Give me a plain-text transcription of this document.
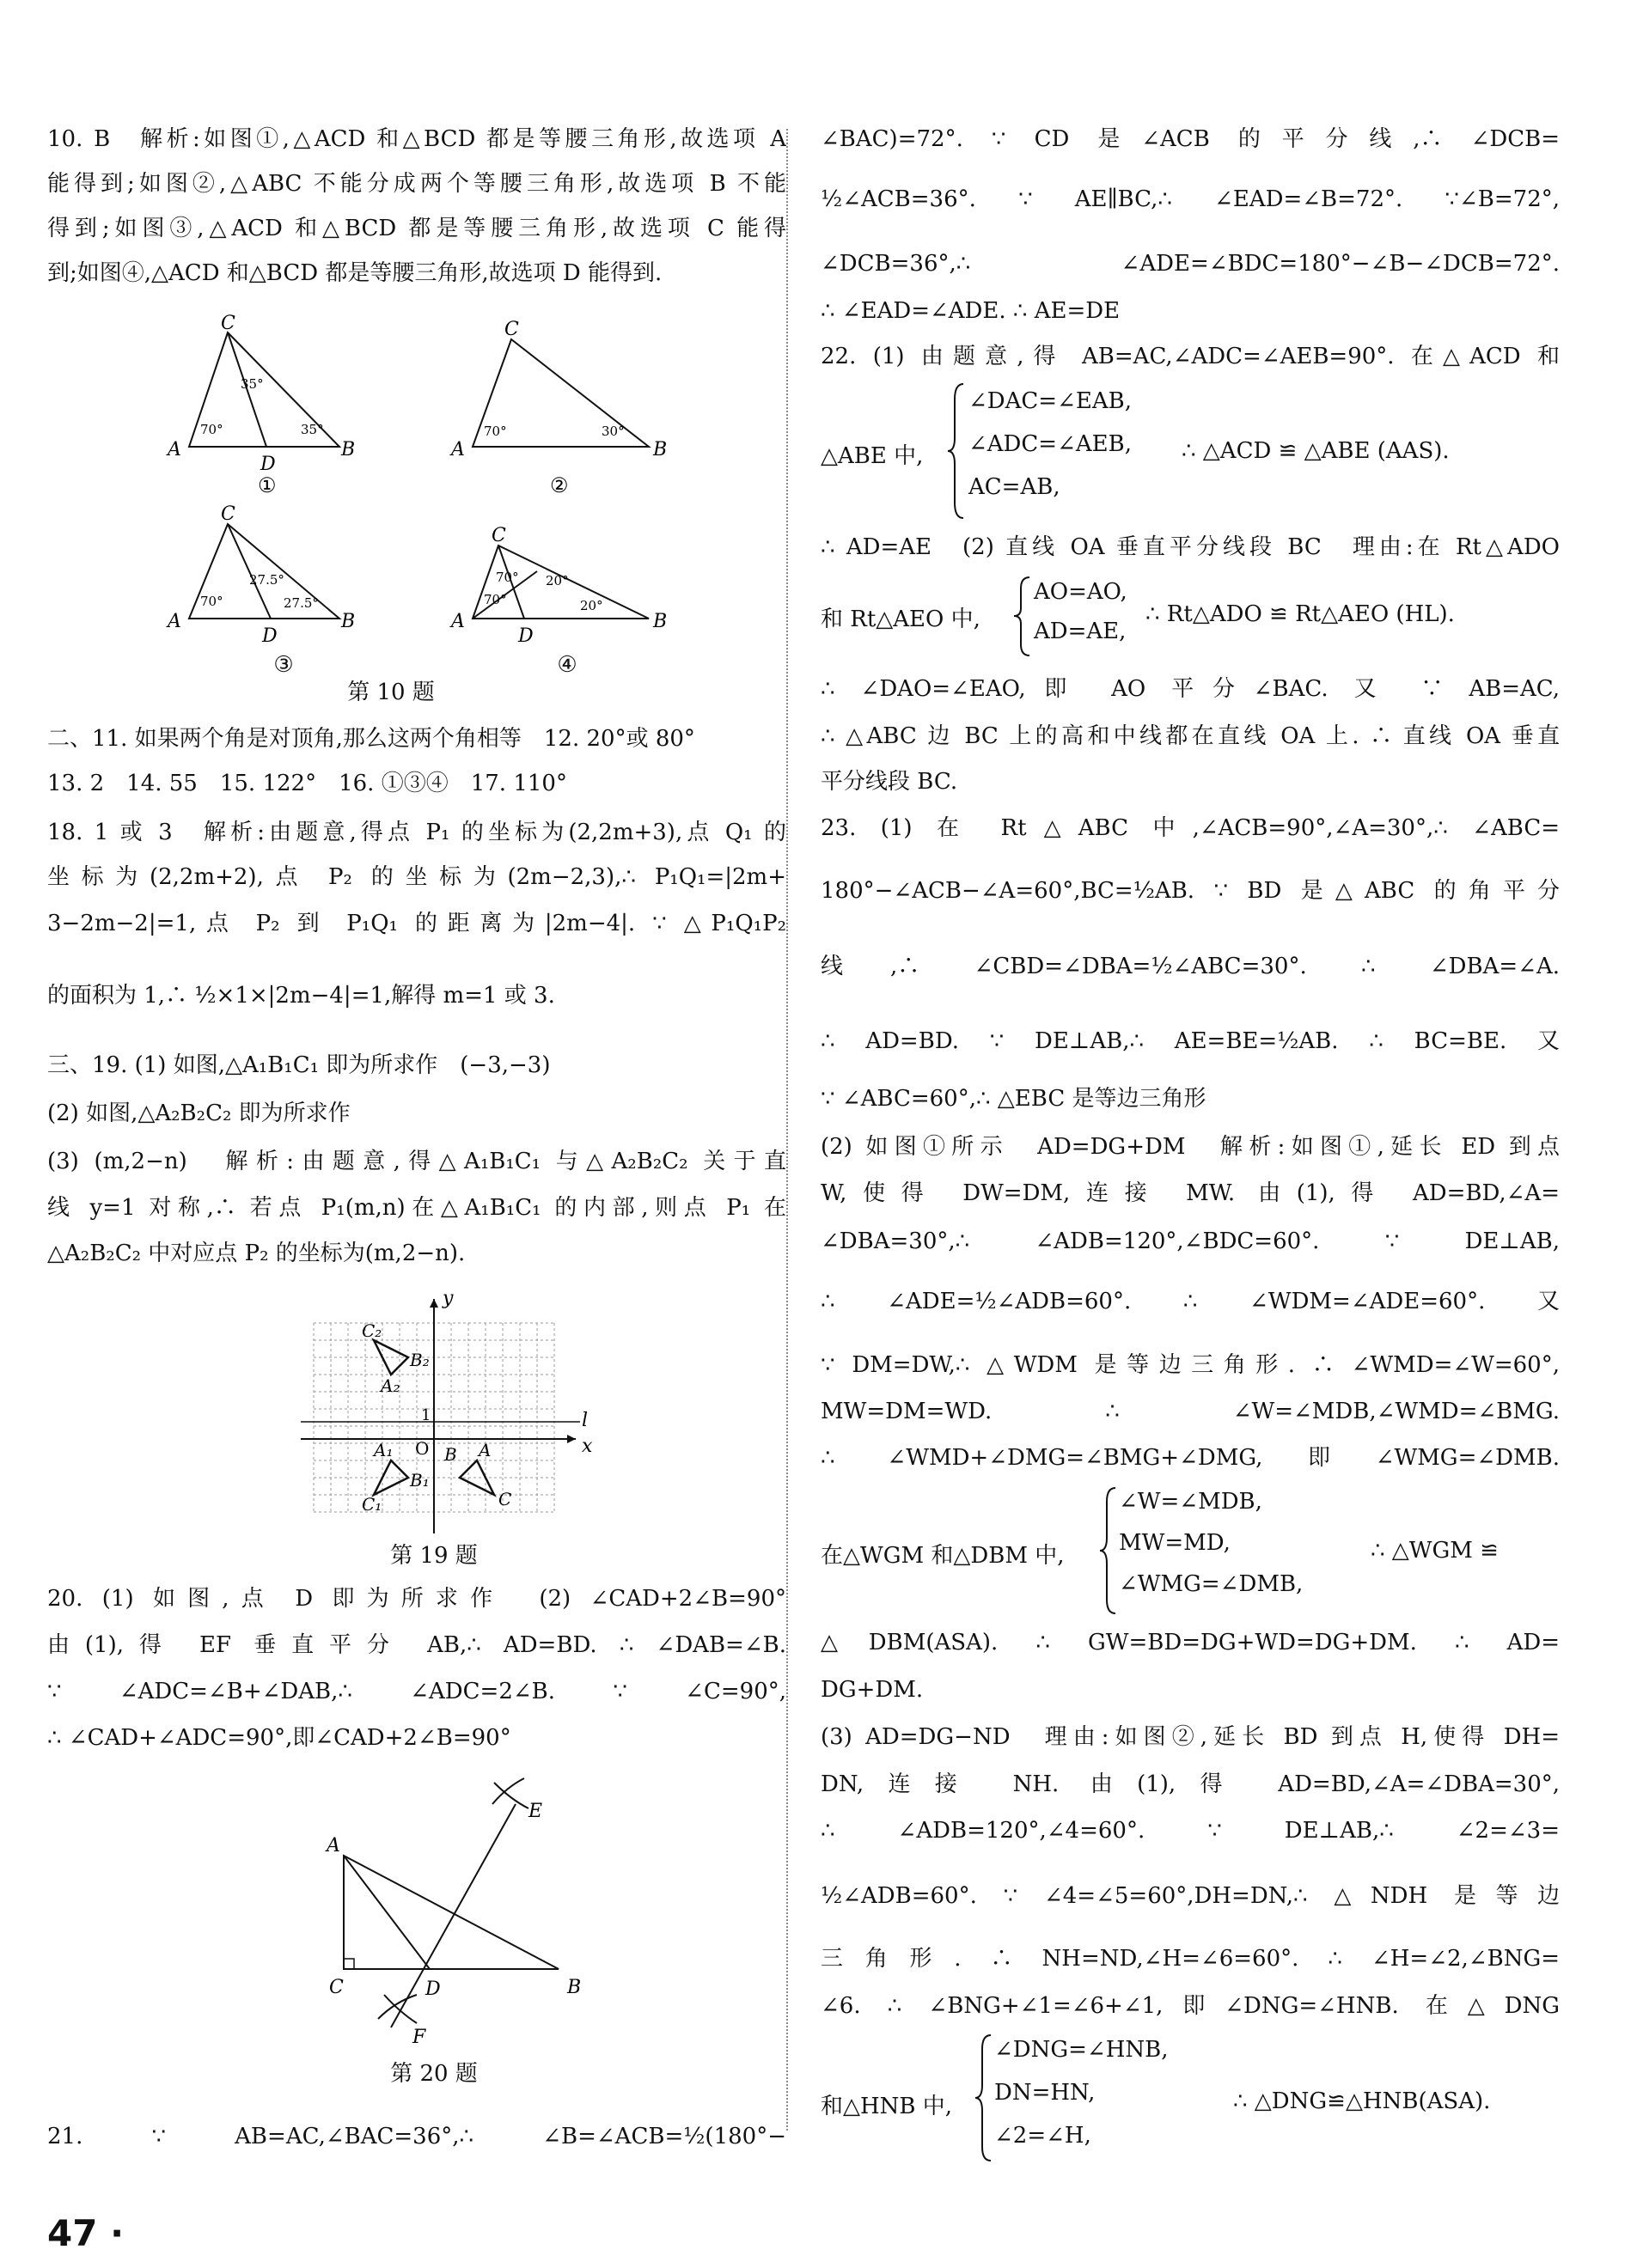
10. B　解析:如图①,△ACD 和△BCD 都是等腰三角形,故选项 A
能得到;如图②,△ABC 不能分成两个等腰三角形,故选项 B 不能
得到;如图③,△ACD 和△BCD 都是等腰三角形,故选项 C 能得
到;如图④,△ACD 和△BCD 都是等腰三角形,故选项 D 能得到.
A	B
C
D
35°
70°	35°
①
A	B
C
70°	30°
②
A	B
C
D
70°
27.5°
27.5°
A	B
C
D
70°
70°
20°
20°
第 10 题
③	④
二、11. 如果两个角是对顶角,那么这两个角相等　12. 20°或 80°
13. 2　14. 55　15. 122°　16. ①③④　17. 110°
18. 1 或 3　解析:由题意,得点 P₁ 的坐标为(2,2m+3),点 Q₁ 的
坐标为(2,2m+2),点 P₂ 的坐标为(2m−2,3),∴ P₁Q₁=|2m+
3−2m−2|=1,点 P₂ 到 P₁Q₁ 的距离为|2m−4|. ∵ △P₁Q₁P₂
的面积为 1,∴ ½×1×|2m−4|=1,解得 m=1 或 3.
三、19. (1) 如图,△A₁B₁C₁ 即为所求作　(−3,−3)
(2) 如图,△A₂B₂C₂ 即为所求作
(3) (m,2−n)　解析:由题意,得△A₁B₁C₁ 与△A₂B₂C₂ 关于直
线 y=1 对称,∴ 若点 P₁(m,n)在△A₁B₁C₁ 的内部,则点 P₁ 在
△A₂B₂C₂ 中对应点 P₂ 的坐标为(m,2−n).
y
x
l
O
1
C₂
B₂
A₂
A₁
B₁
C₁
A
B
C
第 19 题
20. (1) 如图,点 D 即为所求作　(2) ∠CAD+2∠B=90°
由(1),得 EF 垂直平分 AB,∴ AD=BD. ∴ ∠DAB=∠B.
∵ ∠ADC=∠B+∠DAB,∴ ∠ADC=2∠B. ∵ ∠C=90°,
∴ ∠CAD+∠ADC=90°,即∠CAD+2∠B=90°
A
B
C	D
E
F
第 20 题
21. ∵ AB=AC,∠BAC=36°,∴ ∠B=∠ACB=½(180°−
47 ·
∠BAC)=72°. ∵ CD 是∠ACB 的平分线,∴ ∠DCB=
½∠ACB=36°. ∵ AE∥BC,∴ ∠EAD=∠B=72°. ∵∠B=72°,
∠DCB=36°,∴ ∠ADE=∠BDC=180°−∠B−∠DCB=72°.
∴ ∠EAD=∠ADE. ∴ AE=DE
22. (1) 由题意,得 AB=AC,∠ADC=∠AEB=90°. 在△ACD 和
△ABE 中,
∠DAC=∠EAB,
∠ADC=∠AEB,
AC=AB,
∴ △ACD ≌ △ABE (AAS).
∴ AD=AE　(2) 直线 OA 垂直平分线段 BC　理由:在 Rt△ADO
和 Rt△AEO 中,
AO=AO,
AD=AE,
∴ Rt△ADO ≌ Rt△AEO (HL).
∴ ∠DAO=∠EAO,即 AO 平分∠BAC. 又 ∵ AB=AC,
∴ △ABC 边 BC 上的高和中线都在直线 OA 上. ∴ 直线 OA 垂直
平分线段 BC.
23. (1) 在 Rt△ABC 中,∠ACB=90°,∠A=30°,∴ ∠ABC=
180°−∠ACB−∠A=60°,BC=½AB. ∵ BD 是△ABC 的角平分
线,∴ ∠CBD=∠DBA=½∠ABC=30°. ∴ ∠DBA=∠A.
∴ AD=BD. ∵ DE⊥AB,∴ AE=BE=½AB. ∴ BC=BE. 又
∵ ∠ABC=60°,∴ △EBC 是等边三角形
(2) 如图①所示　AD=DG+DM　解析:如图①,延长 ED 到点
W,使得 DW=DM,连接 MW. 由(1),得 AD=BD,∠A=
∠DBA=30°,∴ ∠ADB=120°,∠BDC=60°. ∵ DE⊥AB,
∴ ∠ADE=½∠ADB=60°. ∴ ∠WDM=∠ADE=60°. 又
∵ DM=DW,∴ △WDM 是等边三角形. ∴ ∠WMD=∠W=60°,
MW=DM=WD. ∴ ∠W=∠MDB,∠WMD=∠BMG.
∴ ∠WMD+∠DMG=∠BMG+∠DMG,即∠WMG=∠DMB.
在△WGM 和△DBM 中,
∠W=∠MDB,
MW=MD,
∠WMG=∠DMB,
∴ △WGM ≌
△DBM(ASA). ∴ GW=BD=DG+WD=DG+DM. ∴ AD=
DG+DM.
(3) AD=DG−ND　理由:如图②,延长 BD 到点 H,使得 DH=
DN,连接 NH. 由(1),得 AD=BD,∠A=∠DBA=30°,
∴ ∠ADB=120°,∠4=60°. ∵ DE⊥AB,∴ ∠2=∠3=
½∠ADB=60°. ∵ ∠4=∠5=60°,DH=DN,∴ △NDH 是等边
三角形. ∴ NH=ND,∠H=∠6=60°. ∴ ∠H=∠2,∠BNG=
∠6. ∴ ∠BNG+∠1=∠6+∠1,即∠DNG=∠HNB. 在△DNG
和△HNB 中,
∠DNG=∠HNB,
DN=HN,
∠2=∠H,
∴ △DNG≌△HNB(ASA).
